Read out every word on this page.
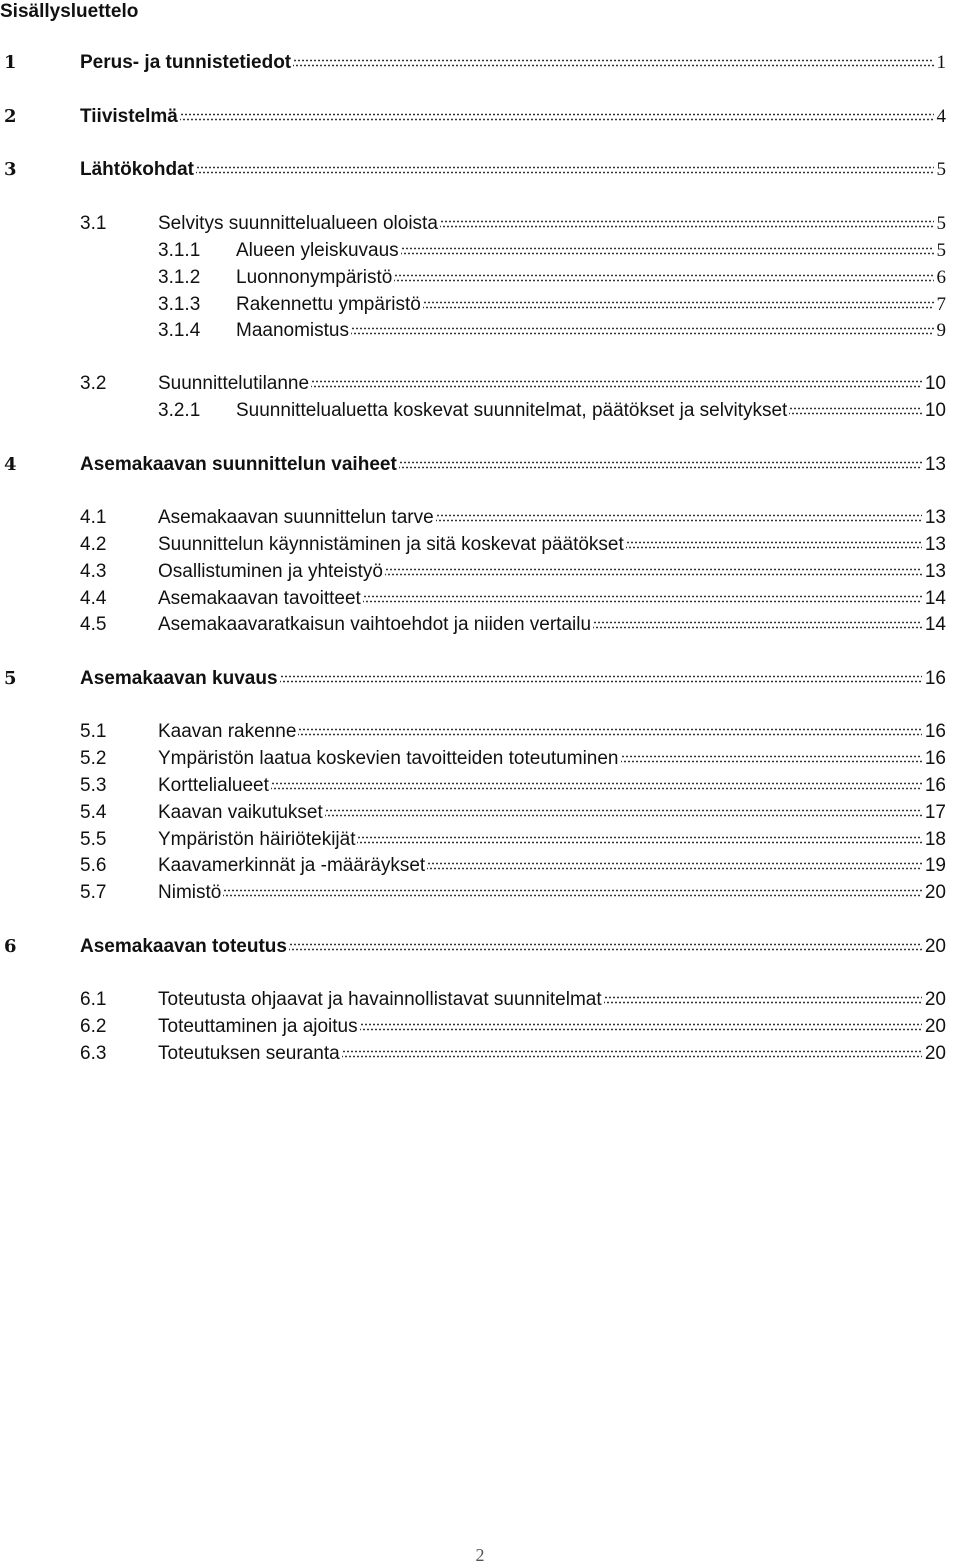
Sisällysluettelo
1	Perus- ja tunnistetiedot	1
2	Tiivistelmä	4
3	Lähtökohdat	5
3.1	Selvitys suunnittelualueen oloista	5
3.1.1 Alueen yleiskuvaus	5
3.1.2 Luonnonympäristö	6
3.1.3 Rakennettu ympäristö	7
3.1.4 Maanomistus	9
3.2	Suunnittelutilanne	10
3.2.1 Suunnittelualuetta koskevat suunnitelmat, päätökset ja selvitykset	10
4	Asemakaavan suunnittelun vaiheet	13
4.1	Asemakaavan suunnittelun tarve	13
4.2	Suunnittelun käynnistäminen ja sitä koskevat päätökset	13
4.3	Osallistuminen ja yhteistyö	13
4.4	Asemakaavan tavoitteet	14
4.5	Asemakaavaratkaisun vaihtoehdot ja niiden vertailu	14
5	Asemakaavan kuvaus	16
5.1	Kaavan rakenne	16
5.2	Ympäristön laatua koskevien tavoitteiden toteutuminen	16
5.3	Korttelialueet	16
5.4	Kaavan vaikutukset	17
5.5	Ympäristön häiriötekijät	18
5.6	Kaavamerkinnät ja -määräykset	19
5.7	Nimistö	20
6	Asemakaavan toteutus	20
6.1	Toteutusta ohjaavat ja havainnollistavat suunnitelmat	20
6.2	Toteuttaminen ja ajoitus	20
6.3	Toteutuksen seuranta	20
2
